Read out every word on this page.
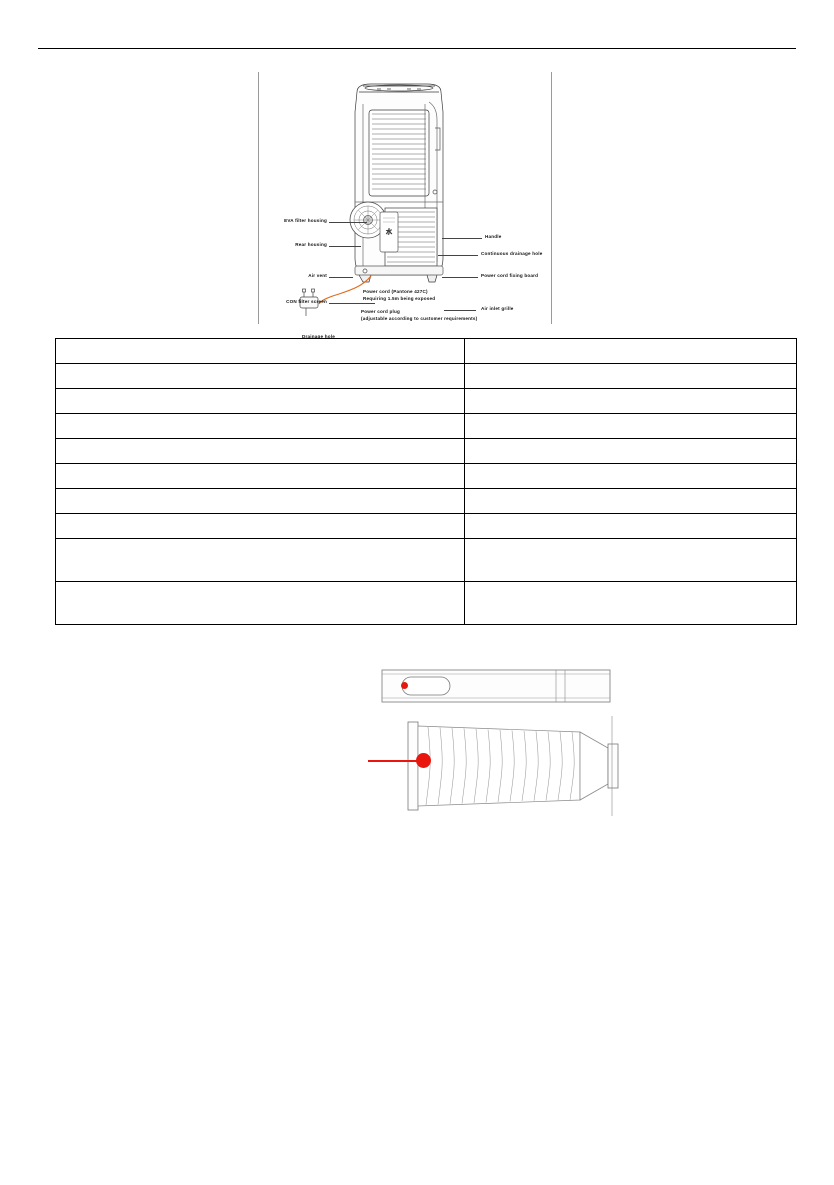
水
EVA filter housing
Rear housing
Air vent
CON filter screen
Drainage hole
Handle
Continuous drainage hole
Power cord fixing board
Air inlet grille
Power cord (Pantone 427C)
Requiring 1.5m being exposed
Power cord plug
(adjustable according to customer requirements)
